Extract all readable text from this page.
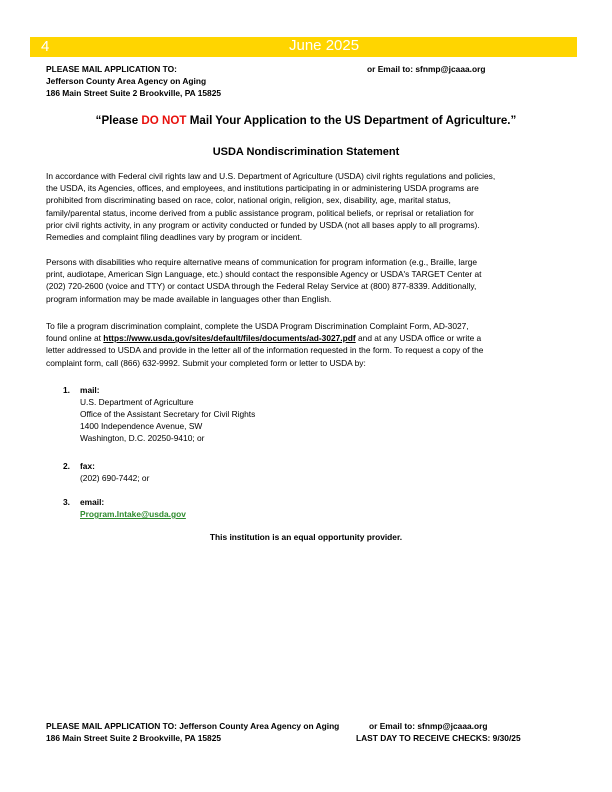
4	June 2025
PLEASE MAIL APPLICATION TO:
Jefferson County Area Agency on Aging
186 Main Street Suite 2 Brookville, PA 15825
or Email to: sfnmp@jcaaa.org
“Please DO NOT Mail Your Application to the US Department of Agriculture.”
USDA Nondiscrimination Statement
In accordance with Federal civil rights law and U.S. Department of Agriculture (USDA) civil rights regulations and policies,
the USDA, its Agencies, offices, and employees, and institutions participating in or administering USDA programs are
prohibited from discriminating based on race, color, national origin, religion, sex, disability, age, marital status,
family/parental status, income derived from a public assistance program, political beliefs, or reprisal or retaliation for
prior civil rights activity, in any program or activity conducted or funded by USDA (not all bases apply to all programs).
Remedies and complaint filing deadlines vary by program or incident.
Persons with disabilities who require alternative means of communication for program information (e.g., Braille, large
print, audiotape, American Sign Language, etc.) should contact the responsible Agency or USDA's TARGET Center at
(202) 720-2600 (voice and TTY) or contact USDA through the Federal Relay Service at (800) 877-8339. Additionally,
program information may be made available in languages other than English.
To file a program discrimination complaint, complete the USDA Program Discrimination Complaint Form, AD-3027,
found online at https://www.usda.gov/sites/default/files/documents/ad-3027.pdf and at any USDA office or write a
letter addressed to USDA and provide in the letter all of the information requested in the form. To request a copy of the
complaint form, call (866) 632-9992. Submit your completed form or letter to USDA by:
1. mail:
U.S. Department of Agriculture
Office of the Assistant Secretary for Civil Rights
1400 Independence Avenue, SW
Washington, D.C. 20250-9410; or
2. fax:
(202) 690-7442; or
3. email:
Program.Intake@usda.gov
This institution is an equal opportunity provider.
PLEASE MAIL APPLICATION TO: Jefferson County Area Agency on Aging	or Email to: sfnmp@jcaaa.org
186 Main Street Suite 2 Brookville, PA 15825	LAST DAY TO RECEIVE CHECKS: 9/30/25
